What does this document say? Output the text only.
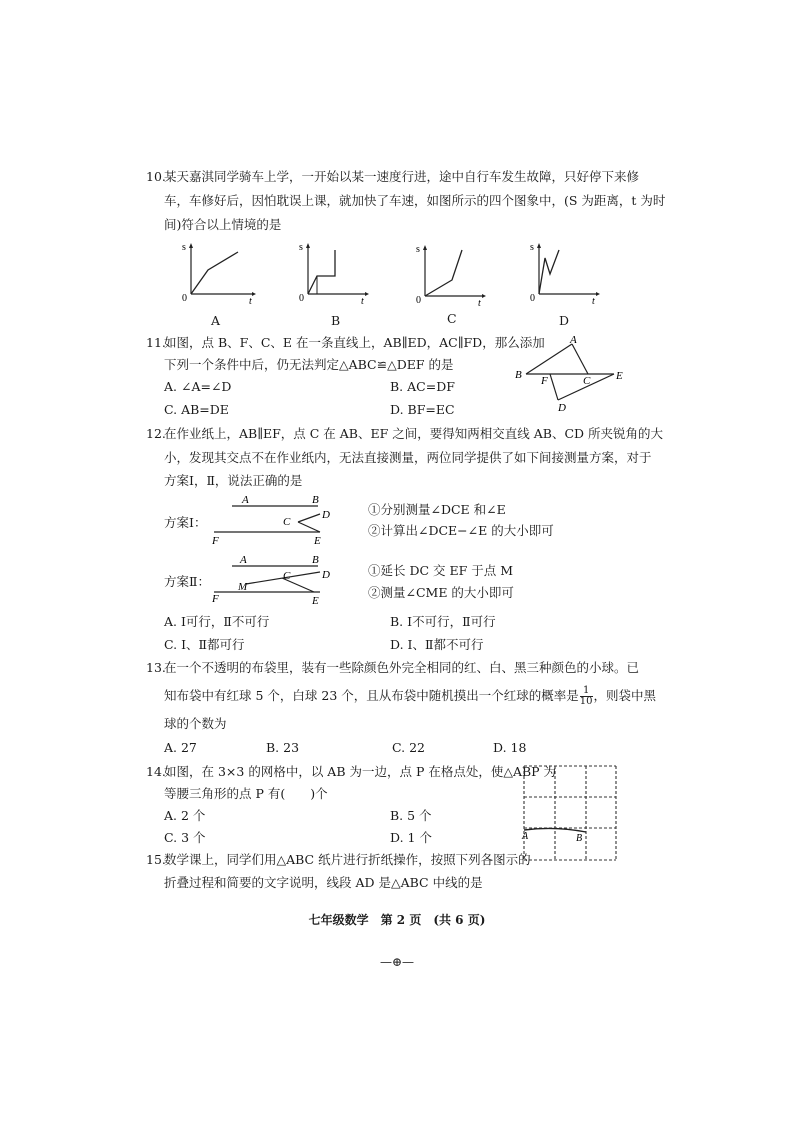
10.
某天嘉淇同学骑车上学，一开始以某一速度行进，途中自行车发生故障，只好停下来修
车，车修好后，因怕耽误上课，就加快了车速，如图所示的四个图象中，(S 为距离，t 为时
间)符合以上情境的是
s
t
0
A
s
t
0
B
s
t
0
C
s
t
0
D
11.
如图，点 B、F、C、E 在一条直线上，AB∥ED，AC∥FD，那么添加
下列一个条件中后，仍无法判定△ABC≌△DEF 的是
A. ∠A=∠D	B. AC=DF
C. AB=DE	D. BF=EC
A
B F	C E
D
12.
在作业纸上，AB∥EF，点 C 在 AB、EF 之间，要得知两相交直线 AB、CD 所夹锐角的大
小，发现其交点不在作业纸内，无法直接测量，两位同学提供了如下间接测量方案，对于
方案Ⅰ，Ⅱ，说法正确的是
方案Ⅰ：
A	B
C
D
F	E
①分别测量∠DCE 和∠E
②计算出∠DCE−∠E 的大小即可
方案Ⅱ：
A	B
C	D
M
F	E
①延长 DC 交 EF 于点 M
②测量∠CME 的大小即可
A. Ⅰ可行，Ⅱ不可行	B. Ⅰ不可行，Ⅱ可行
C. Ⅰ、Ⅱ都可行	D. Ⅰ、Ⅱ都不可行
13.
在一个不透明的布袋里，装有一些除颜色外完全相同的红、白、黑三种颜色的小球。已
知布袋中有红球 5 个，白球 23 个，且从布袋中随机摸出一个红球的概率是 $\frac{1}{10}$ ，则袋中黑
球的个数为
A. 27	B. 23	C. 22	D. 18
14.
如图，在 3×3 的网格中，以 AB 为一边，点 P 在格点处，使△ABP 为
等腰三角形的点 P 有(　　)个
A. 2 个	B. 5 个
C. 3 个	D. 1 个	A	B
15.
数学课上，同学们用△ABC 纸片进行折纸操作，按照下列各图示的
折叠过程和简要的文字说明，线段 AD 是△ABC 中线的是
七年级数学　第 2 页　(共 6 页)
—⊕—
